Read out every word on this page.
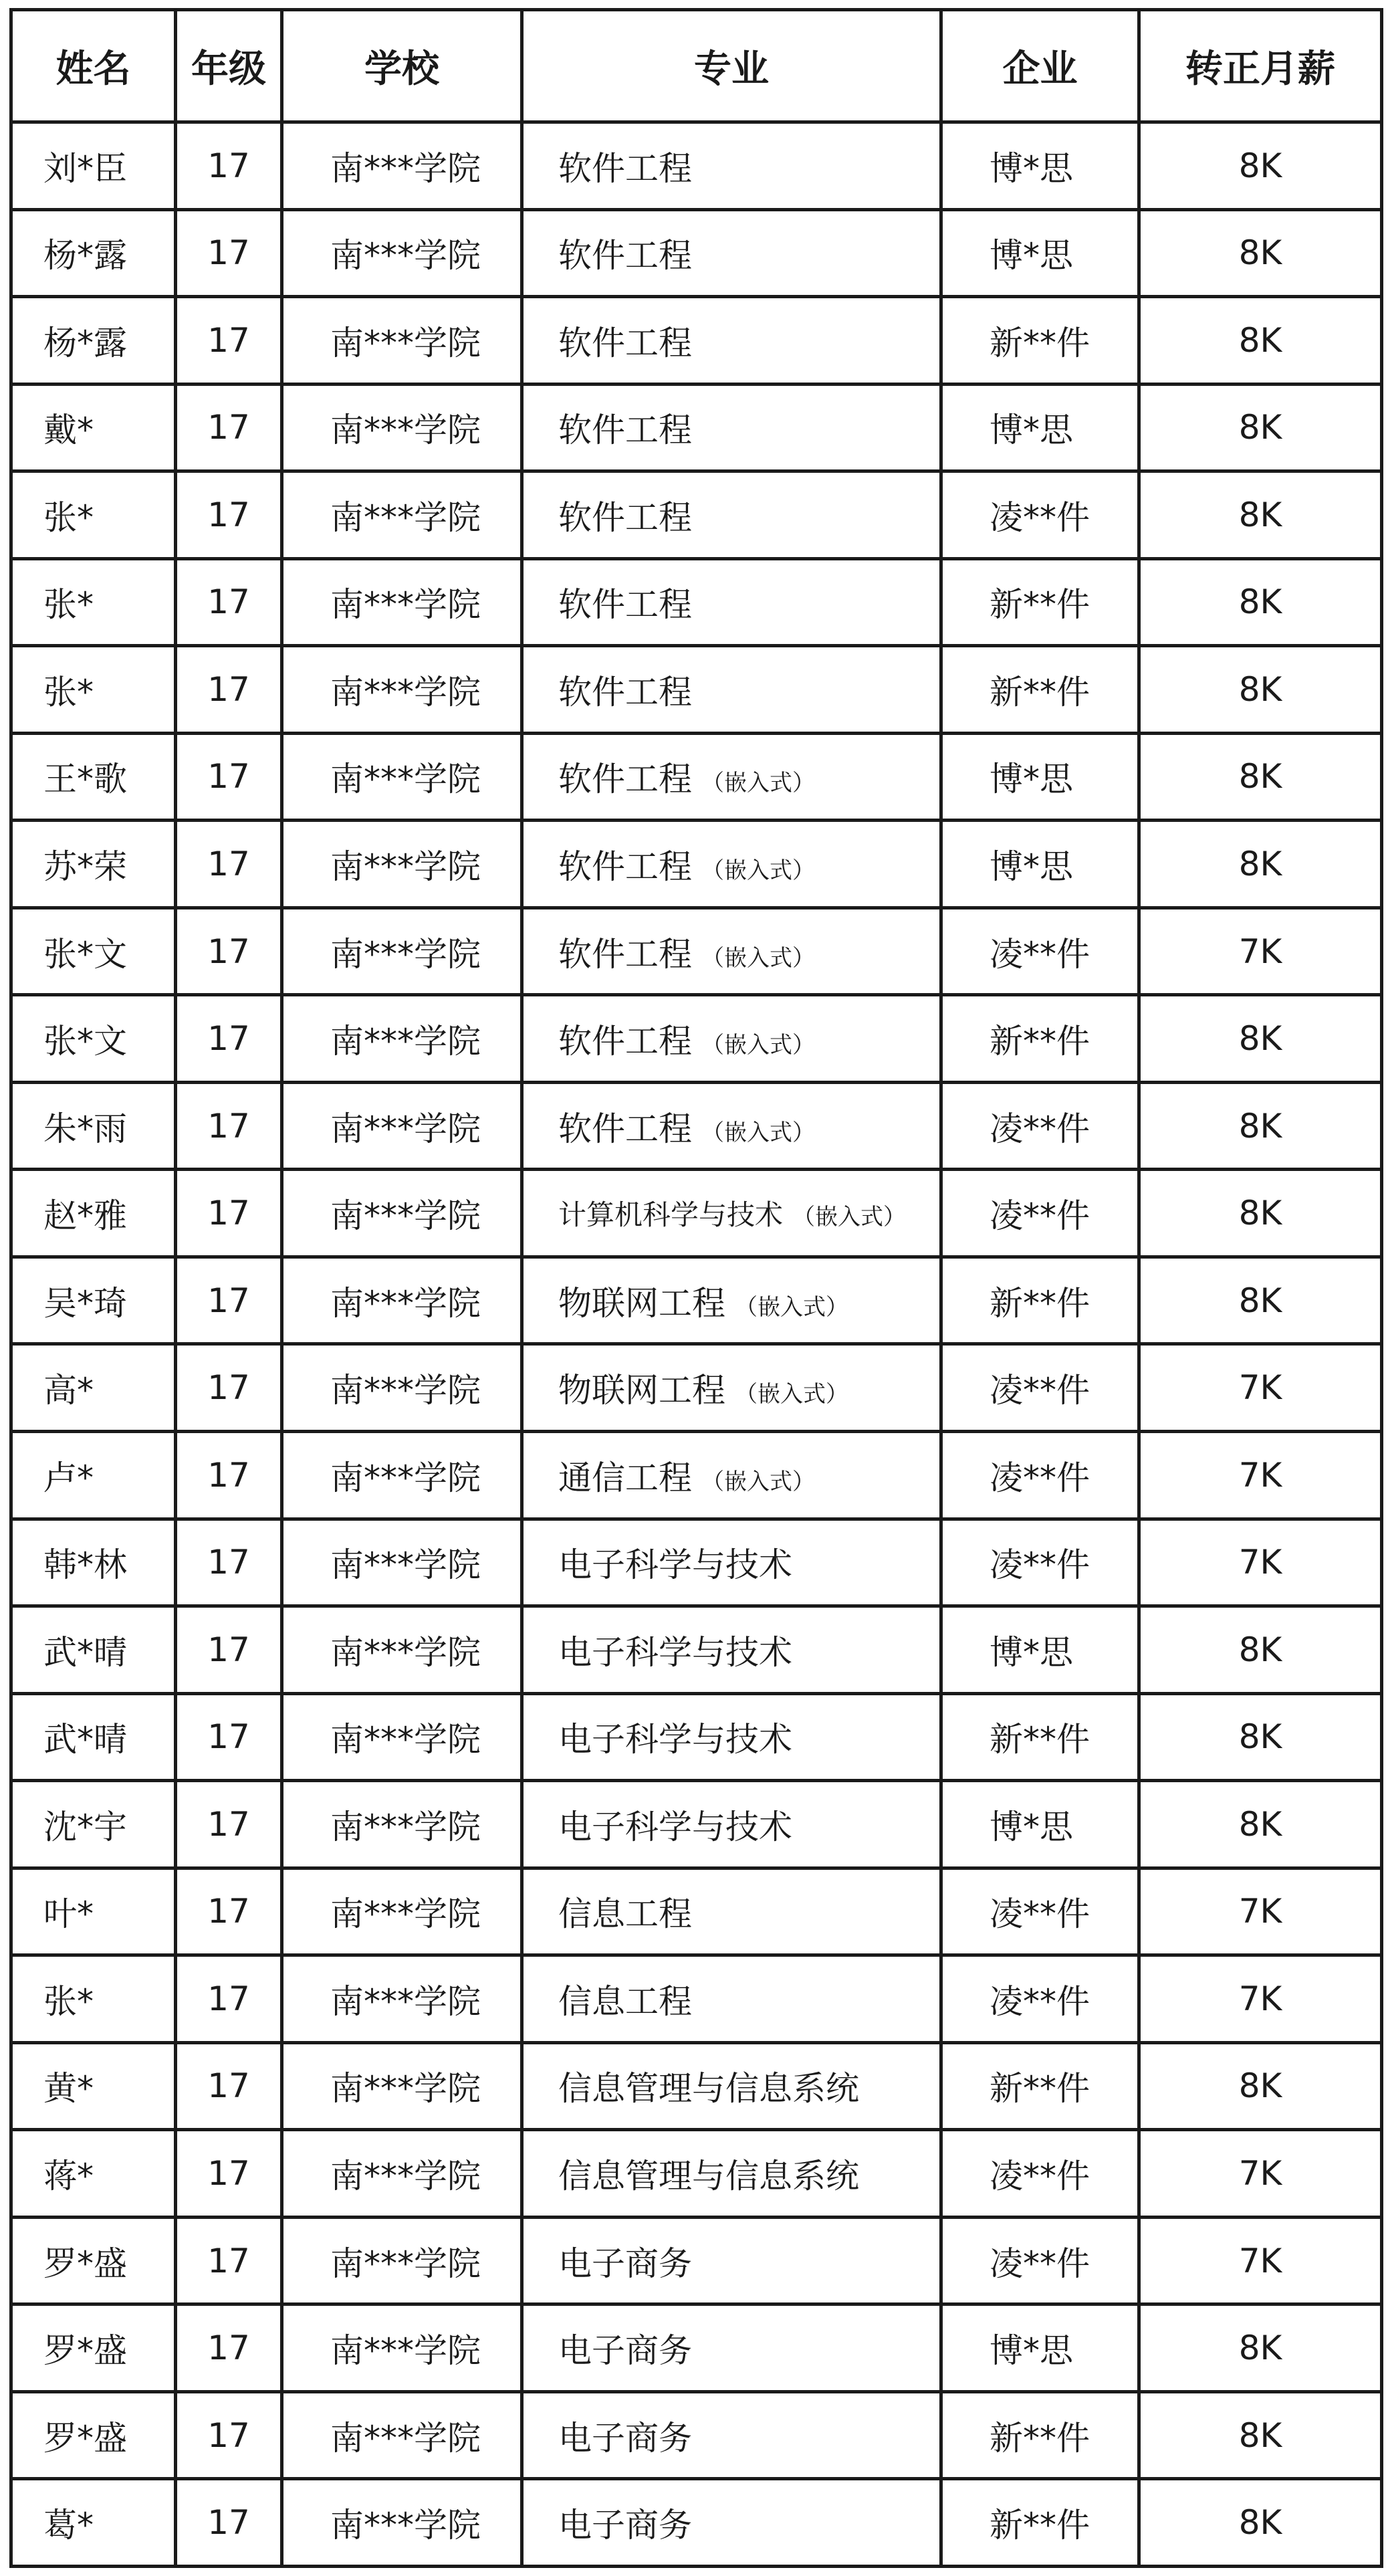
姓名	年级	学校	专业	企业	转正月薪
刘*臣	17	南***学院	软件工程	博*思	8K
杨*露	17	南***学院	软件工程	博*思	8K
杨*露	17	南***学院	软件工程	新**件	8K
戴*	17	南***学院	软件工程	博*思	8K
张*	17	南***学院	软件工程	凌**件	8K
张*	17	南***学院	软件工程	新**件	8K
张*	17	南***学院	软件工程	新**件	8K
王*歌	17	南***学院	软件工程 （嵌入式）	博*思	8K
苏*荣	17	南***学院	软件工程 （嵌入式）	博*思	8K
张*文	17	南***学院	软件工程 （嵌入式）	凌**件	7K
张*文	17	南***学院	软件工程 （嵌入式）	新**件	8K
朱*雨	17	南***学院	软件工程 （嵌入式）	凌**件	8K
赵*雅	17	南***学院	计算机科学与技术 （嵌入式）	凌**件	8K
吴*琦	17	南***学院	物联网工程 （嵌入式）	新**件	8K
高*	17	南***学院	物联网工程 （嵌入式）	凌**件	7K
卢*	17	南***学院	通信工程 （嵌入式）	凌**件	7K
韩*林	17	南***学院	电子科学与技术	凌**件	7K
武*晴	17	南***学院	电子科学与技术	博*思	8K
武*晴	17	南***学院	电子科学与技术	新**件	8K
沈*宇	17	南***学院	电子科学与技术	博*思	8K
叶*	17	南***学院	信息工程	凌**件	7K
张*	17	南***学院	信息工程	凌**件	7K
黄*	17	南***学院	信息管理与信息系统	新**件	8K
蒋*	17	南***学院	信息管理与信息系统	凌**件	7K
罗*盛	17	南***学院	电子商务	凌**件	7K
罗*盛	17	南***学院	电子商务	博*思	8K
罗*盛	17	南***学院	电子商务	新**件	8K
葛*	17	南***学院	电子商务	新**件	8K
